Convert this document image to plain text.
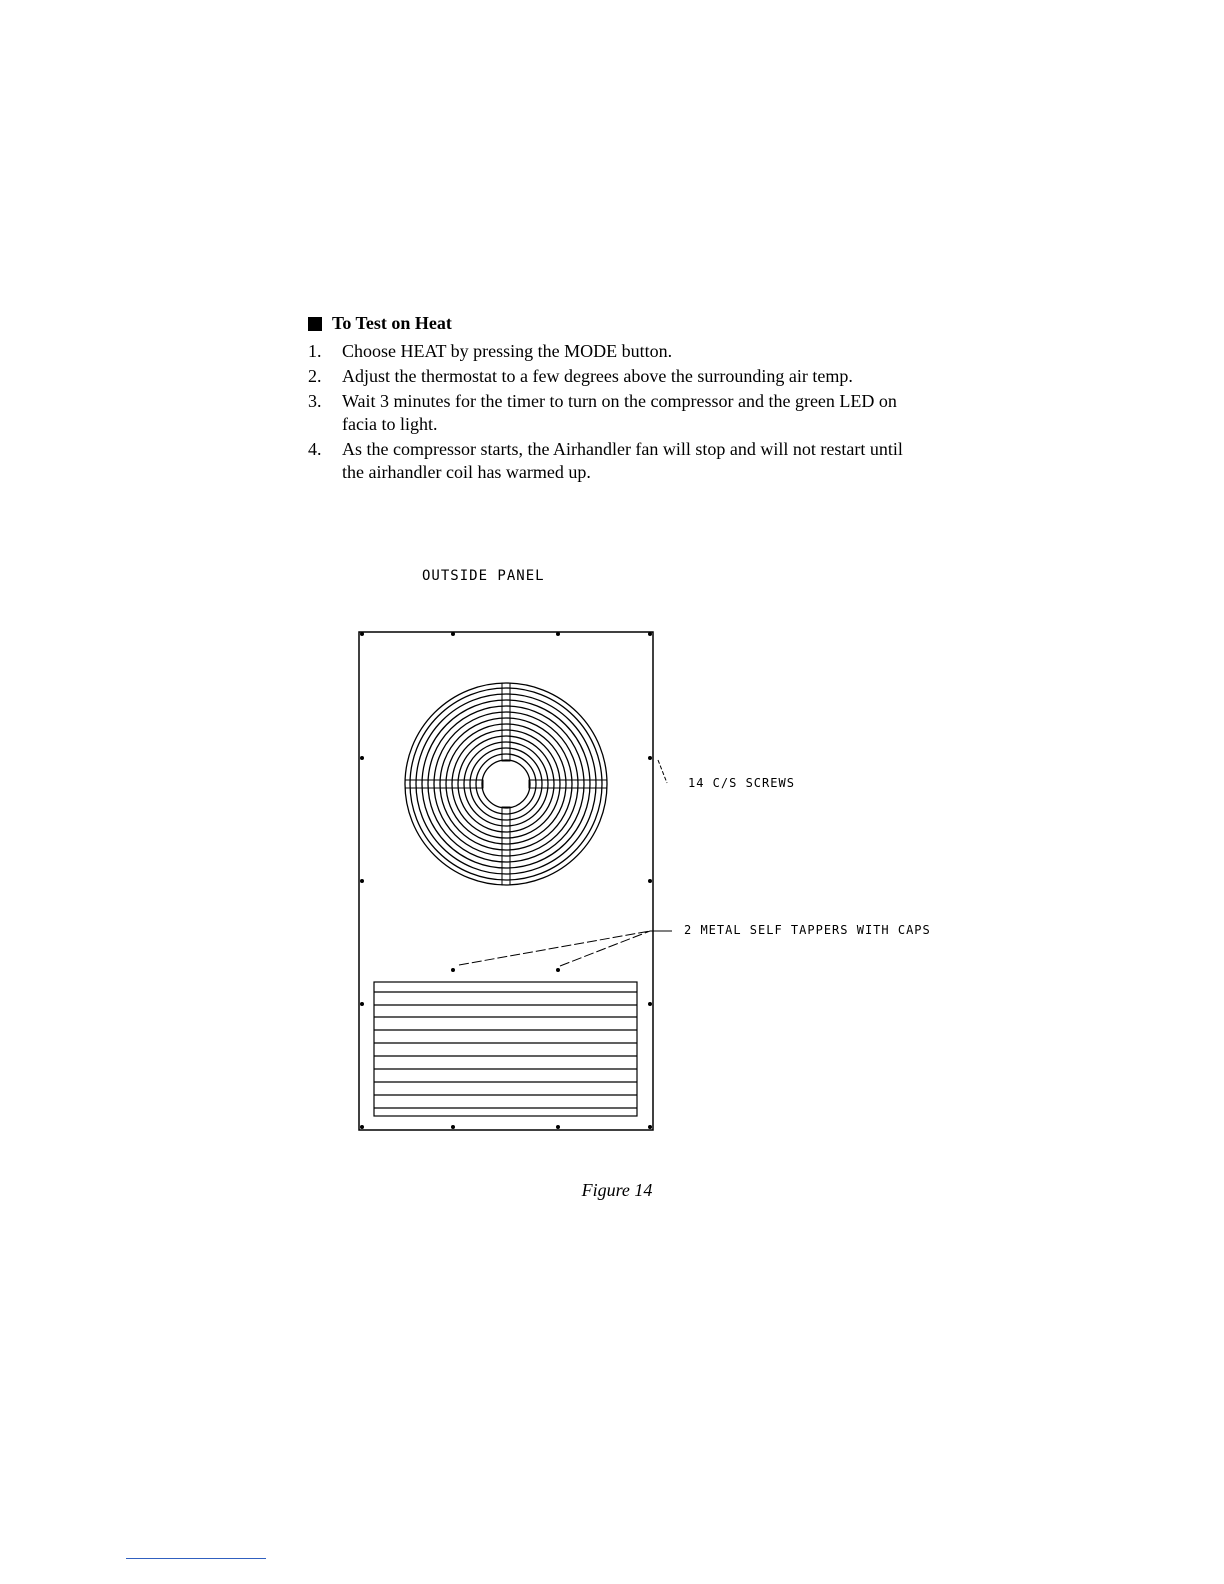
To Test on Heat
1.	Choose HEAT by pressing the MODE button.
2.	Adjust the thermostat to a few degrees above the surrounding air temp.
3.	Wait 3 minutes for the timer to turn on the compressor and the green LED on facia to light.
4.	As the compressor starts, the Airhandler fan will stop and will not restart until the airhandler coil has warmed up.
OUTSIDE PANEL
14 C/S SCREWS
2 METAL SELF TAPPERS WITH CAPS
Figure 14
